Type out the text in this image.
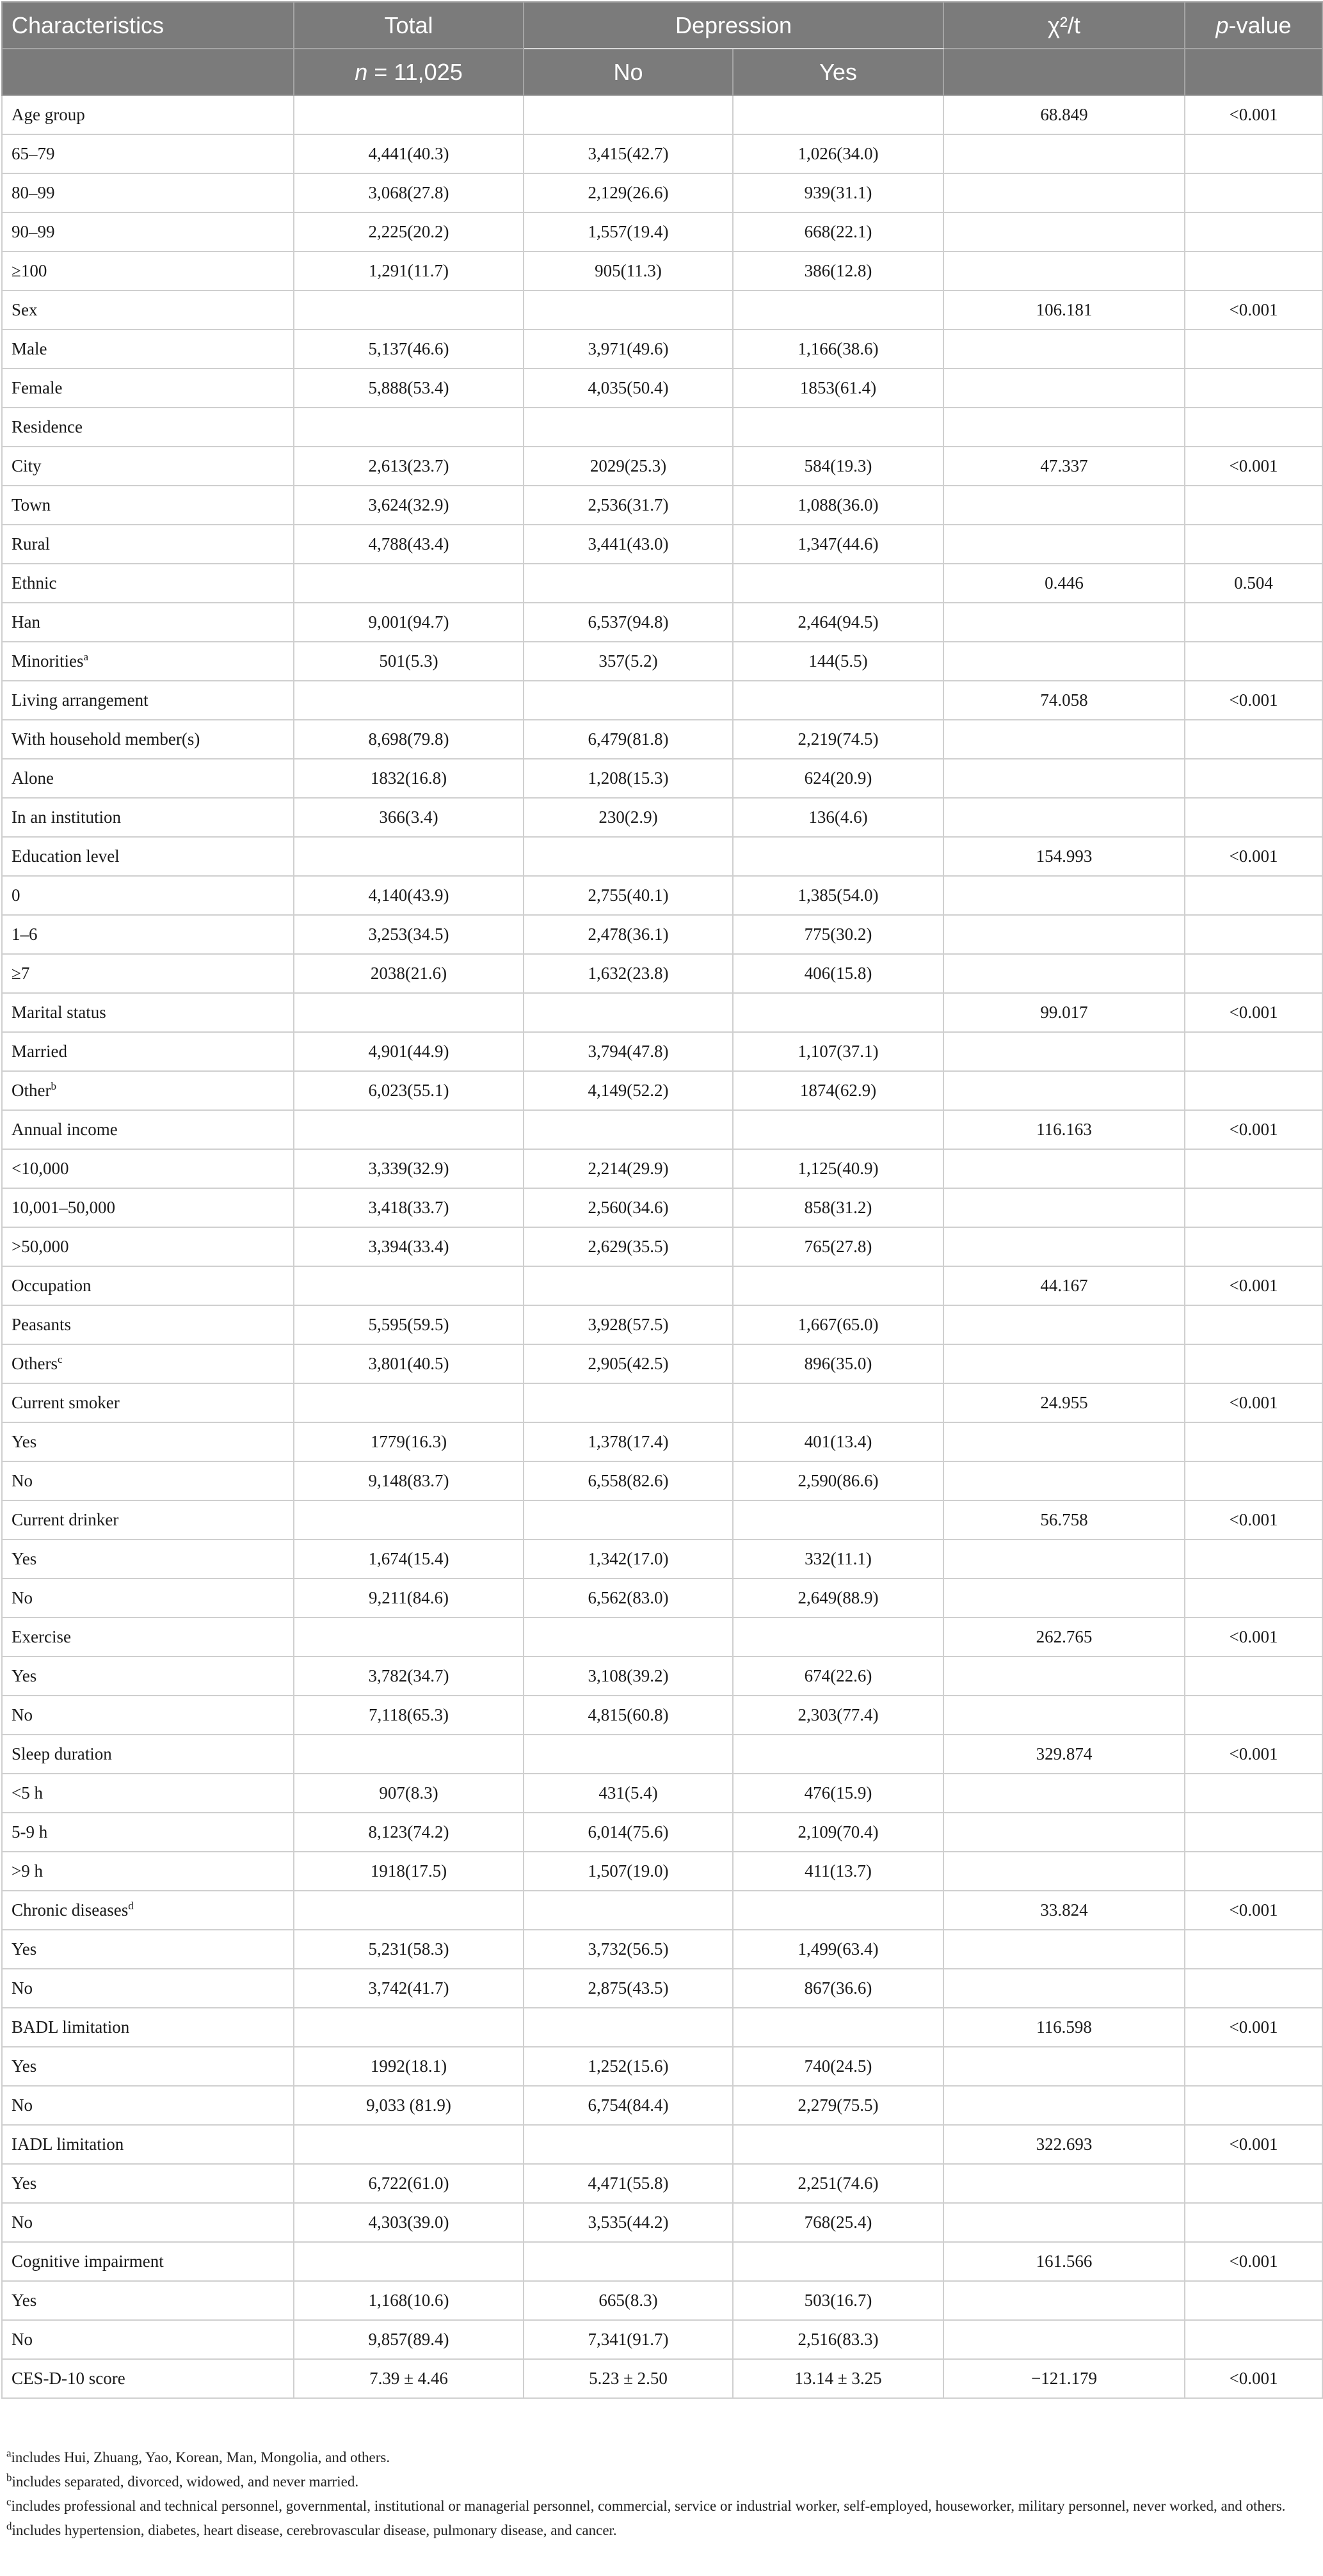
Characteristics	Total	Depression		χ²/t	p-value
	n = 11,025	No	Yes		
Age group				68.849	<0.001
65–79	4,441(40.3)	3,415(42.7)	1,026(34.0)		
80–99	3,068(27.8)	2,129(26.6)	939(31.1)		
90–99	2,225(20.2)	1,557(19.4)	668(22.1)		
≥100	1,291(11.7)	905(11.3)	386(12.8)		
Sex				106.181	<0.001
Male	5,137(46.6)	3,971(49.6)	1,166(38.6)		
Female	5,888(53.4)	4,035(50.4)	1853(61.4)		
Residence					
City	2,613(23.7)	2029(25.3)	584(19.3)	47.337	<0.001
Town	3,624(32.9)	2,536(31.7)	1,088(36.0)		
Rural	4,788(43.4)	3,441(43.0)	1,347(44.6)		
Ethnic				0.446	0.504
Han	9,001(94.7)	6,537(94.8)	2,464(94.5)		
Minorities$^a$	501(5.3)	357(5.2)	144(5.5)		
Living arrangement				74.058	<0.001
With household member(s)	8,698(79.8)	6,479(81.8)	2,219(74.5)		
Alone	1832(16.8)	1,208(15.3)	624(20.9)		
In an institution	366(3.4)	230(2.9)	136(4.6)		
Education level				154.993	<0.001
0	4,140(43.9)	2,755(40.1)	1,385(54.0)		
1–6	3,253(34.5)	2,478(36.1)	775(30.2)		
≥7	2038(21.6)	1,632(23.8)	406(15.8)		
Marital status				99.017	<0.001
Married	4,901(44.9)	3,794(47.8)	1,107(37.1)		
Other$^b$	6,023(55.1)	4,149(52.2)	1874(62.9)		
Annual income				116.163	<0.001
<10,000	3,339(32.9)	2,214(29.9)	1,125(40.9)		
10,001–50,000	3,418(33.7)	2,560(34.6)	858(31.2)		
>50,000	3,394(33.4)	2,629(35.5)	765(27.8)		
Occupation				44.167	<0.001
Peasants	5,595(59.5)	3,928(57.5)	1,667(65.0)		
Others$^c$	3,801(40.5)	2,905(42.5)	896(35.0)		
Current smoker				24.955	<0.001
Yes	1779(16.3)	1,378(17.4)	401(13.4)		
No	9,148(83.7)	6,558(82.6)	2,590(86.6)		
Current drinker				56.758	<0.001
Yes	1,674(15.4)	1,342(17.0)	332(11.1)		
No	9,211(84.6)	6,562(83.0)	2,649(88.9)		
Exercise				262.765	<0.001
Yes	3,782(34.7)	3,108(39.2)	674(22.6)		
No	7,118(65.3)	4,815(60.8)	2,303(77.4)		
Sleep duration				329.874	<0.001
<5 h	907(8.3)	431(5.4)	476(15.9)		
5-9 h	8,123(74.2)	6,014(75.6)	2,109(70.4)		
>9 h	1918(17.5)	1,507(19.0)	411(13.7)		
Chronic diseases$^d$				33.824	<0.001
Yes	5,231(58.3)	3,732(56.5)	1,499(63.4)		
No	3,742(41.7)	2,875(43.5)	867(36.6)		
BADL limitation				116.598	<0.001
Yes	1992(18.1)	1,252(15.6)	740(24.5)		
No	9,033 (81.9)	6,754(84.4)	2,279(75.5)		
IADL limitation				322.693	<0.001
Yes	6,722(61.0)	4,471(55.8)	2,251(74.6)		
No	4,303(39.0)	3,535(44.2)	768(25.4)		
Cognitive impairment				161.566	<0.001
Yes	1,168(10.6)	665(8.3)	503(16.7)		
No	9,857(89.4)	7,341(91.7)	2,516(83.3)		
CES-D-10 score	7.39 ± 4.46	5.23 ± 2.50	13.14 ± 3.25	−121.179	<0.001

$^a$includes Hui, Zhuang, Yao, Korean, Man, Mongolia, and others.

$^b$includes separated, divorced, widowed, and never married.

$^c$includes professional and technical personnel, governmental, institutional or managerial personnel, commercial, service or industrial worker, self-employed, houseworker, military personnel, never worked, and others.

$^d$includes hypertension, diabetes, heart disease, cerebrovascular disease, pulmonary disease, and cancer.
